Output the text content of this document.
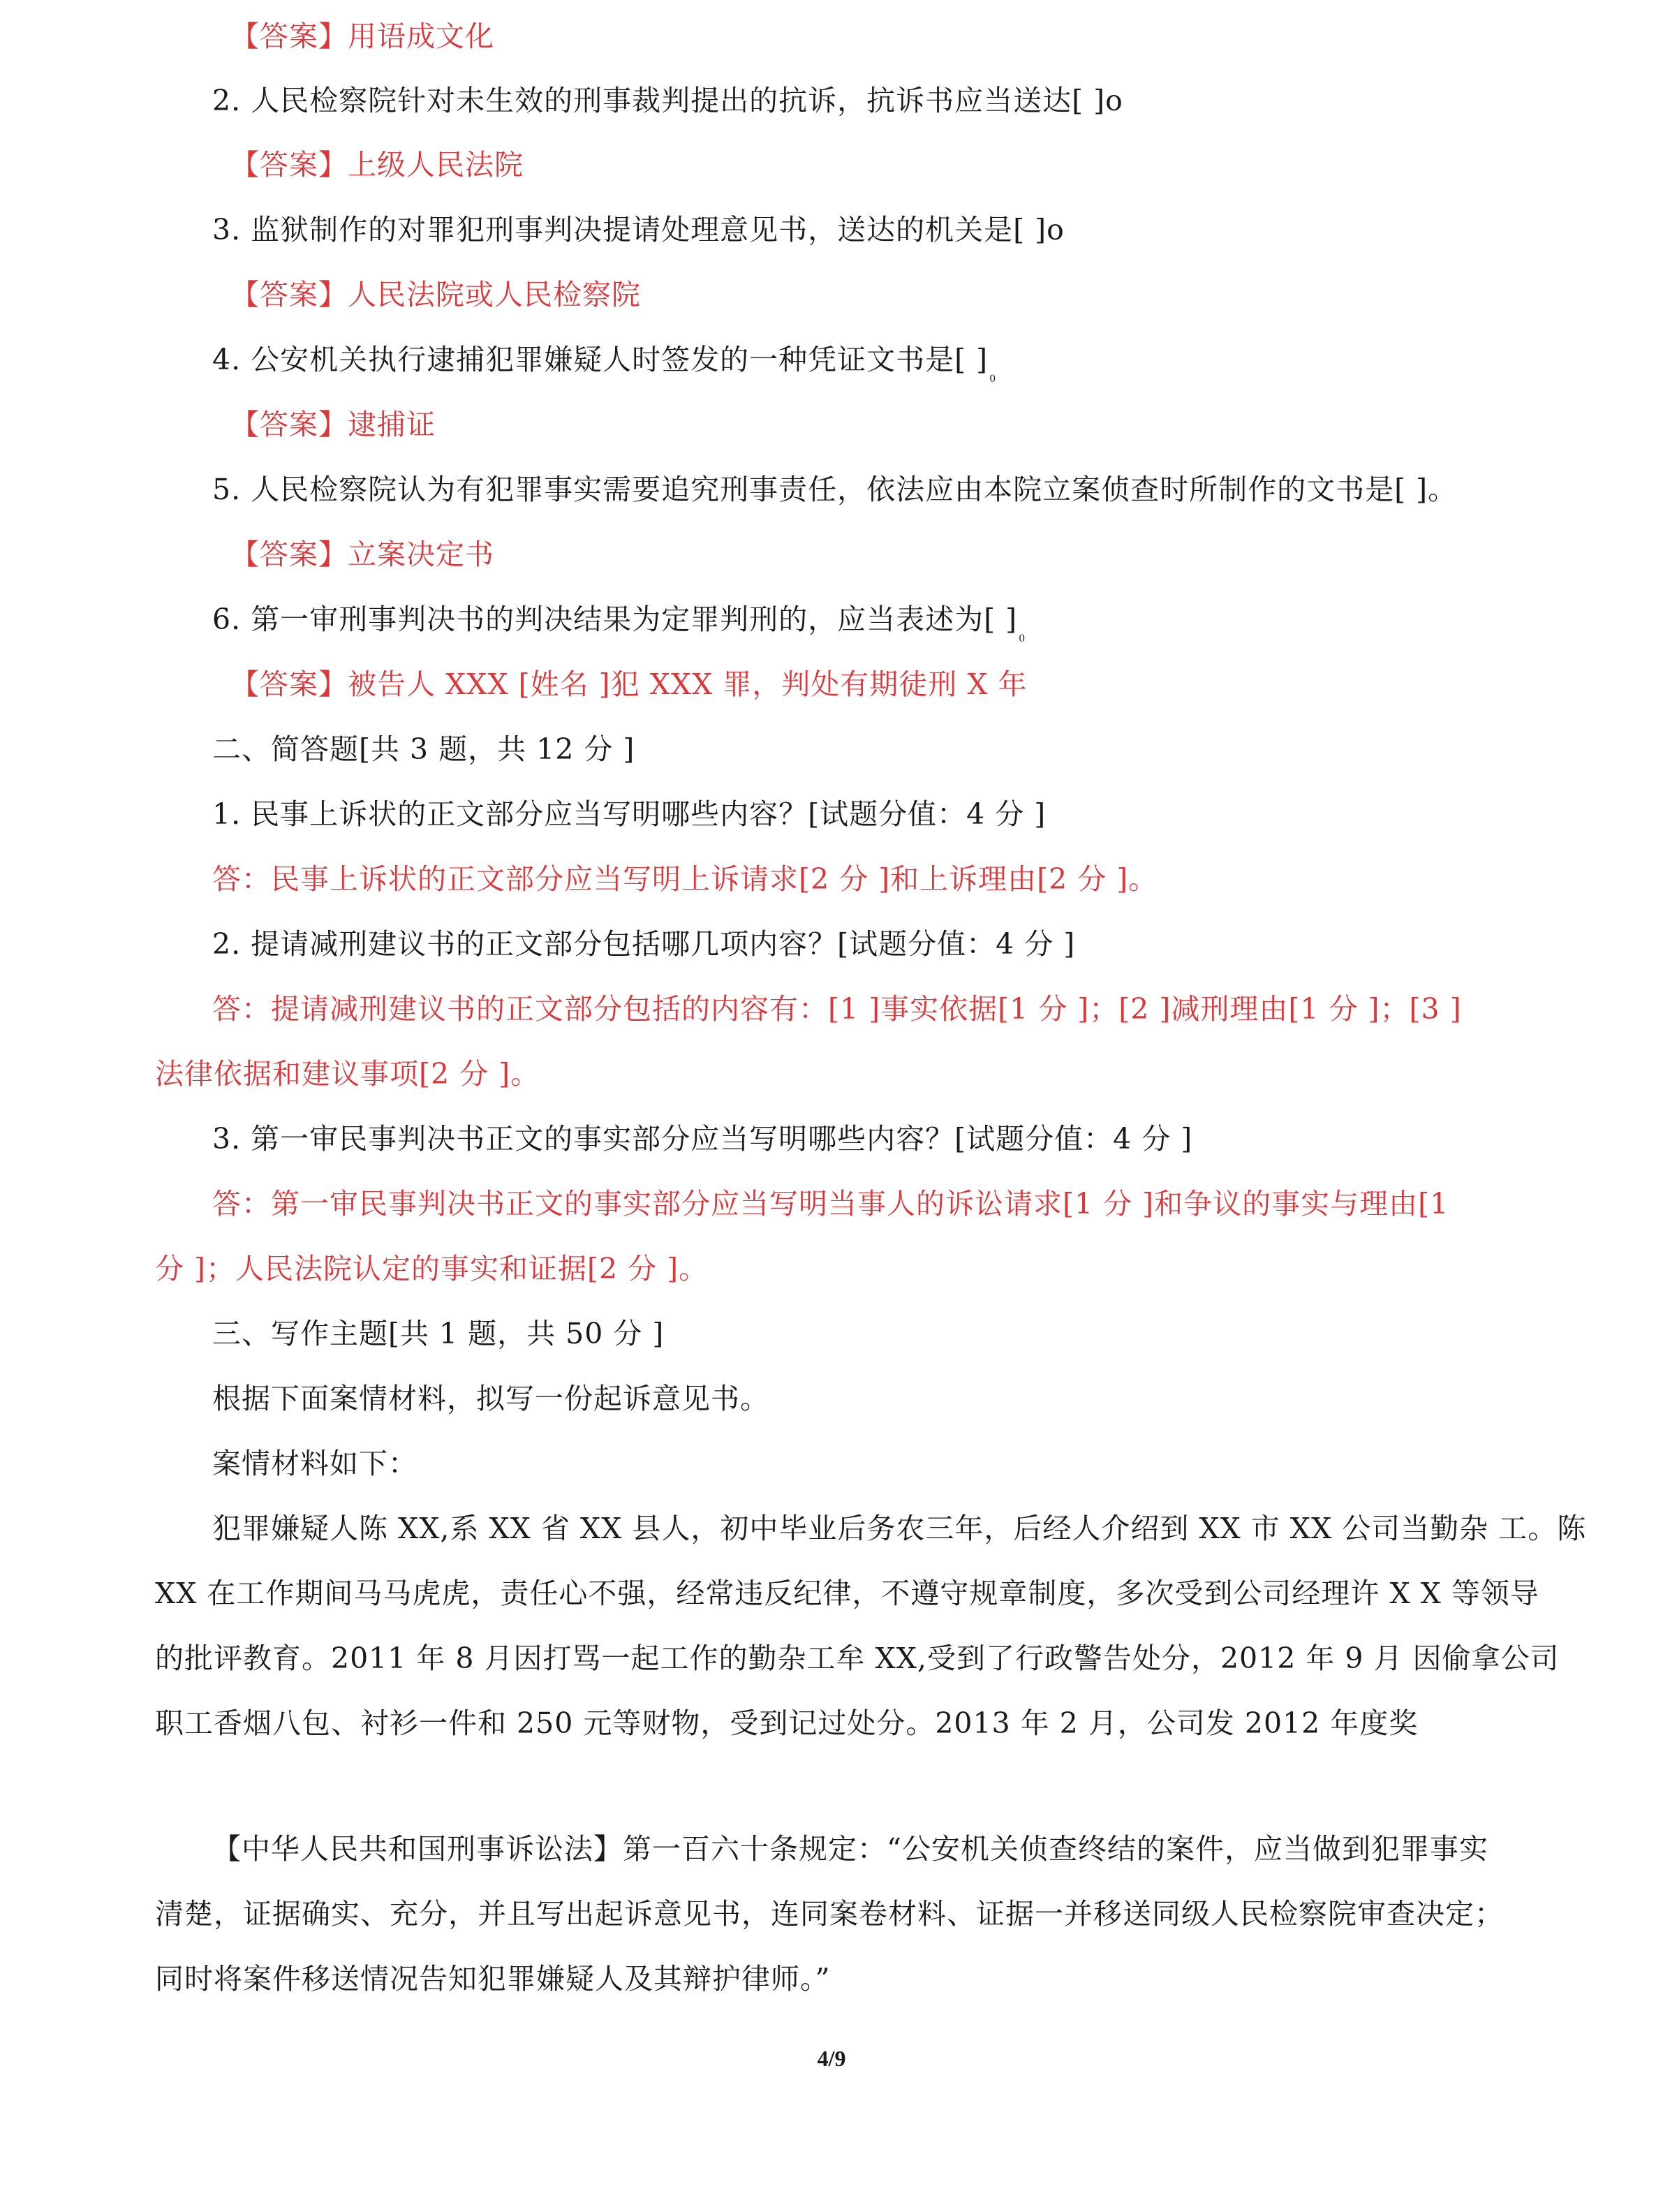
【答案】用语成文化
2. 人民检察院针对未生效的刑事裁判提出的抗诉，抗诉书应当送达[ ]o
【答案】上级人民法院
3. 监狱制作的对罪犯刑事判决提请处理意见书，送达的机关是[ ]o
【答案】人民法院或人民检察院
4. 公安机关执行逮捕犯罪嫌疑人时签发的一种凭证文书是[ ]$_0$
【答案】逮捕证
5. 人民检察院认为有犯罪事实需要追究刑事责任，依法应由本院立案侦查时所制作的文书是[ ]。
【答案】立案决定书
6. 第一审刑事判决书的判决结果为定罪判刑的，应当表述为[ ]$_0$
【答案】被告人 XXX [姓名 ]犯 XXX 罪，判处有期徒刑 X 年
二、简答题[共 3 题，共 12 分 ]
1. 民事上诉状的正文部分应当写明哪些内容？[试题分值：4 分 ]
答：民事上诉状的正文部分应当写明上诉请求[2 分 ]和上诉理由[2 分 ]。
2. 提请减刑建议书的正文部分包括哪几项内容？[试题分值：4 分 ]
答：提请减刑建议书的正文部分包括的内容有：[1 ]事实依据[1 分 ]；[2 ]减刑理由[1 分 ]；[3 ]
法律依据和建议事项[2 分 ]。
3. 第一审民事判决书正文的事实部分应当写明哪些内容？[试题分值：4 分 ]
答：第一审民事判决书正文的事实部分应当写明当事人的诉讼请求[1 分 ]和争议的事实与理由[1
分 ]；人民法院认定的事实和证据[2 分 ]。
三、写作主题[共 1 题，共 50 分 ]
根据下面案情材料，拟写一份起诉意见书。
案情材料如下：
犯罪嫌疑人陈 XX,系 XX 省 XX 县人，初中毕业后务农三年，后经人介绍到 XX 市 XX 公司当勤杂 工。陈
XX 在工作期间马马虎虎，责任心不强，经常违反纪律，不遵守规章制度，多次受到公司经理许 X X 等领导
的批评教育。2011 年 8 月因打骂一起工作的勤杂工牟 XX,受到了行政警告处分，2012 年 9 月 因偷拿公司
职工香烟八包、衬衫一件和 250 元等财物，受到记过处分。2013 年 2 月，公司发 2012 年度奖
【中华人民共和国刑事诉讼法】第一百六十条规定：“公安机关侦查终结的案件，应当做到犯罪事实
清楚，证据确实、充分，并且写出起诉意见书，连同案卷材料、证据一并移送同级人民检察院审查决定；
同时将案件移送情况告知犯罪嫌疑人及其辩护律师。”
4/9
